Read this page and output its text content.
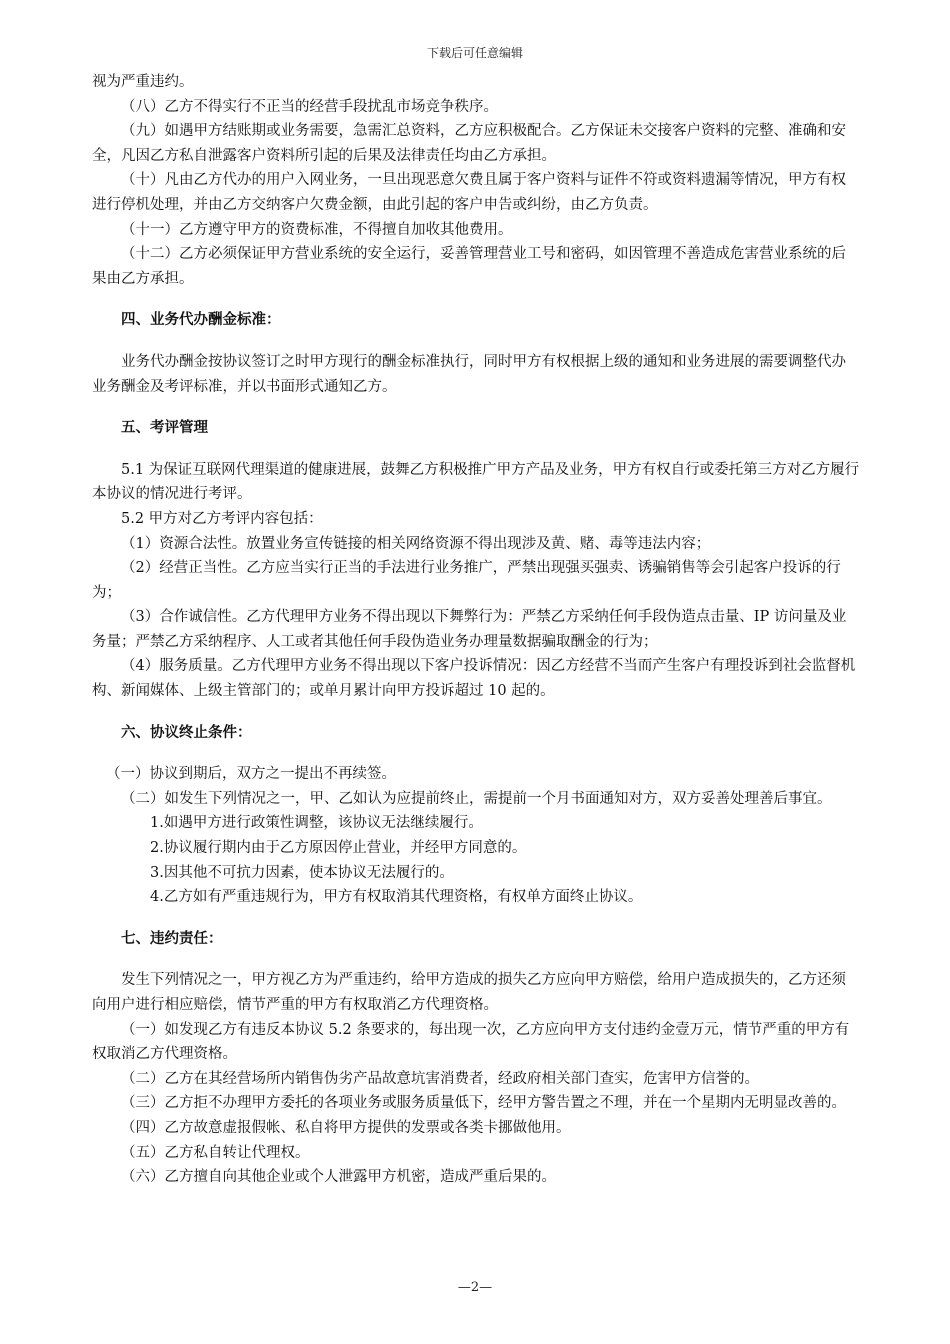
下载后可任意编辑

视为严重违约。

（八）乙方不得实行不正当的经营手段扰乱市场竞争秩序。

（九）如遇甲方结账期或业务需要，急需汇总资料，乙方应积极配合。乙方保证未交接客户资料的完整、准确和安全，凡因乙方私自泄露客户资料所引起的后果及法律责任均由乙方承担。

（十）凡由乙方代办的用户入网业务，一旦出现恶意欠费且属于客户资料与证件不符或资料遗漏等情况，甲方有权进行停机处理，并由乙方交纳客户欠费金额，由此引起的客户申告或纠纷，由乙方负责。

（十一）乙方遵守甲方的资费标准，不得擅自加收其他费用。

（十二）乙方必须保证甲方营业系统的安全运行，妥善管理营业工号和密码，如因管理不善造成危害营业系统的后果由乙方承担。

四、业务代办酬金标准：

业务代办酬金按协议签订之时甲方现行的酬金标准执行，同时甲方有权根据上级的通知和业务进展的需要调整代办业务酬金及考评标准，并以书面形式通知乙方。

五、考评管理

5.1 为保证互联网代理渠道的健康进展，鼓舞乙方积极推广甲方产品及业务，甲方有权自行或委托第三方对乙方履行本协议的情况进行考评。

5.2 甲方对乙方考评内容包括：

（1）资源合法性。放置业务宣传链接的相关网络资源不得出现涉及黄、赌、毒等违法内容；

（2）经营正当性。乙方应当实行正当的手法进行业务推广，严禁出现强买强卖、诱骗销售等会引起客户投诉的行为；

（3）合作诚信性。乙方代理甲方业务不得出现以下舞弊行为：严禁乙方采纳任何手段伪造点击量、IP 访问量及业务量；严禁乙方采纳程序、人工或者其他任何手段伪造业务办理量数据骗取酬金的行为；

（4）服务质量。乙方代理甲方业务不得出现以下客户投诉情况：因乙方经营不当而产生客户有理投诉到社会监督机构、新闻媒体、上级主管部门的；或单月累计向甲方投诉超过 10 起的。

六、协议终止条件：

（一）协议到期后，双方之一提出不再续签。

（二）如发生下列情况之一，甲、乙如认为应提前终止，需提前一个月书面通知对方，双方妥善处理善后事宜。

1.如遇甲方进行政策性调整，该协议无法继续履行。

2.协议履行期内由于乙方原因停止营业，并经甲方同意的。

3.因其他不可抗力因素，使本协议无法履行的。

4.乙方如有严重违规行为，甲方有权取消其代理资格，有权单方面终止协议。

七、违约责任：

发生下列情况之一，甲方视乙方为严重违约，给甲方造成的损失乙方应向甲方赔偿，给用户造成损失的，乙方还须向用户进行相应赔偿，情节严重的甲方有权取消乙方代理资格。

（一）如发现乙方有违反本协议 5.2 条要求的，每出现一次，乙方应向甲方支付违约金壹万元，情节严重的甲方有权取消乙方代理资格。

（二）乙方在其经营场所内销售伪劣产品故意坑害消费者，经政府相关部门查实，危害甲方信誉的。

（三）乙方拒不办理甲方委托的各项业务或服务质量低下，经甲方警告置之不理，并在一个星期内无明显改善的。

（四）乙方故意虚报假帐、私自将甲方提供的发票或各类卡挪做他用。

（五）乙方私自转让代理权。

（六）乙方擅自向其他企业或个人泄露甲方机密，造成严重后果的。

—2—
